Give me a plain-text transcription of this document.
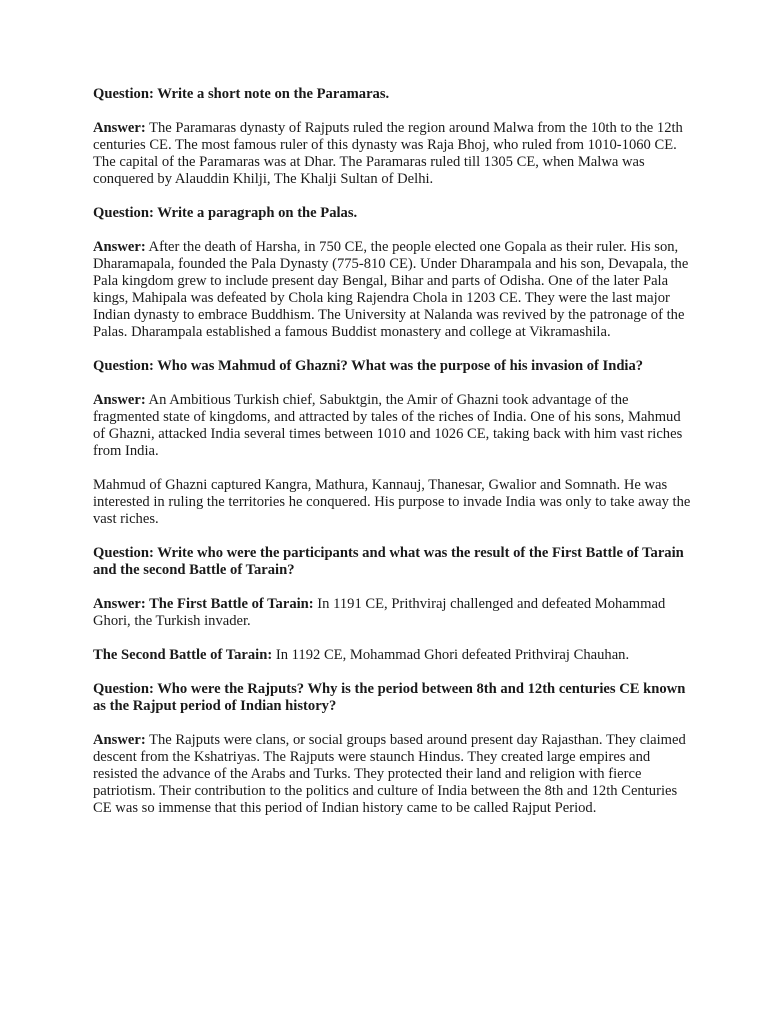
Question: Write a short note on the Paramaras.
Answer: The Paramaras dynasty of Rajputs ruled the region around Malwa from the 10th to the 12th centuries CE. The most famous ruler of this dynasty was Raja Bhoj, who ruled from 1010-1060 CE. The capital of the Paramaras was at Dhar. The Paramaras ruled till 1305 CE, when Malwa was conquered by Alauddin Khilji, The Khalji Sultan of Delhi.
Question: Write a paragraph on the Palas.
Answer: After the death of Harsha, in 750 CE, the people elected one Gopala as their ruler. His son, Dharamapala, founded the Pala Dynasty (775-810 CE). Under Dharampala and his son, Devapala, the Pala kingdom grew to include present day Bengal, Bihar and parts of Odisha. One of the later Pala kings, Mahipala was defeated by Chola king Rajendra Chola in 1203 CE. They were the last major Indian dynasty to embrace Buddhism. The University at Nalanda was revived by the patronage of the Palas. Dharampala established a famous Buddist monastery and college at Vikramashila.
Question: Who was Mahmud of Ghazni? What was the purpose of his invasion of India?
Answer: An Ambitious Turkish chief, Sabuktgin, the Amir of Ghazni took advantage of the fragmented state of kingdoms, and attracted by tales of the riches of India. One of his sons, Mahmud of Ghazni, attacked India several times between 1010 and 1026 CE, taking back with him vast riches from India.
Mahmud of Ghazni captured Kangra, Mathura, Kannauj, Thanesar, Gwalior and Somnath. He was interested in ruling the territories he conquered. His purpose to invade India was only to take away the vast riches.
Question: Write who were the participants and what was the result of the First Battle of Tarain and the second Battle of Tarain?
Answer: The First Battle of Tarain: In 1191 CE, Prithviraj challenged and defeated Mohammad Ghori, the Turkish invader.
The Second Battle of Tarain: In 1192 CE, Mohammad Ghori defeated Prithviraj Chauhan.
Question: Who were the Rajputs? Why is the period between 8th and 12th centuries CE known as the Rajput period of Indian history?
Answer: The Rajputs were clans, or social groups based around present day Rajasthan. They claimed descent from the Kshatriyas. The Rajputs were staunch Hindus. They created large empires and resisted the advance of the Arabs and Turks. They protected their land and religion with fierce patriotism. Their contribution to the politics and culture of India between the 8th and 12th Centuries CE was so immense that this period of Indian history came to be called Rajput Period.
